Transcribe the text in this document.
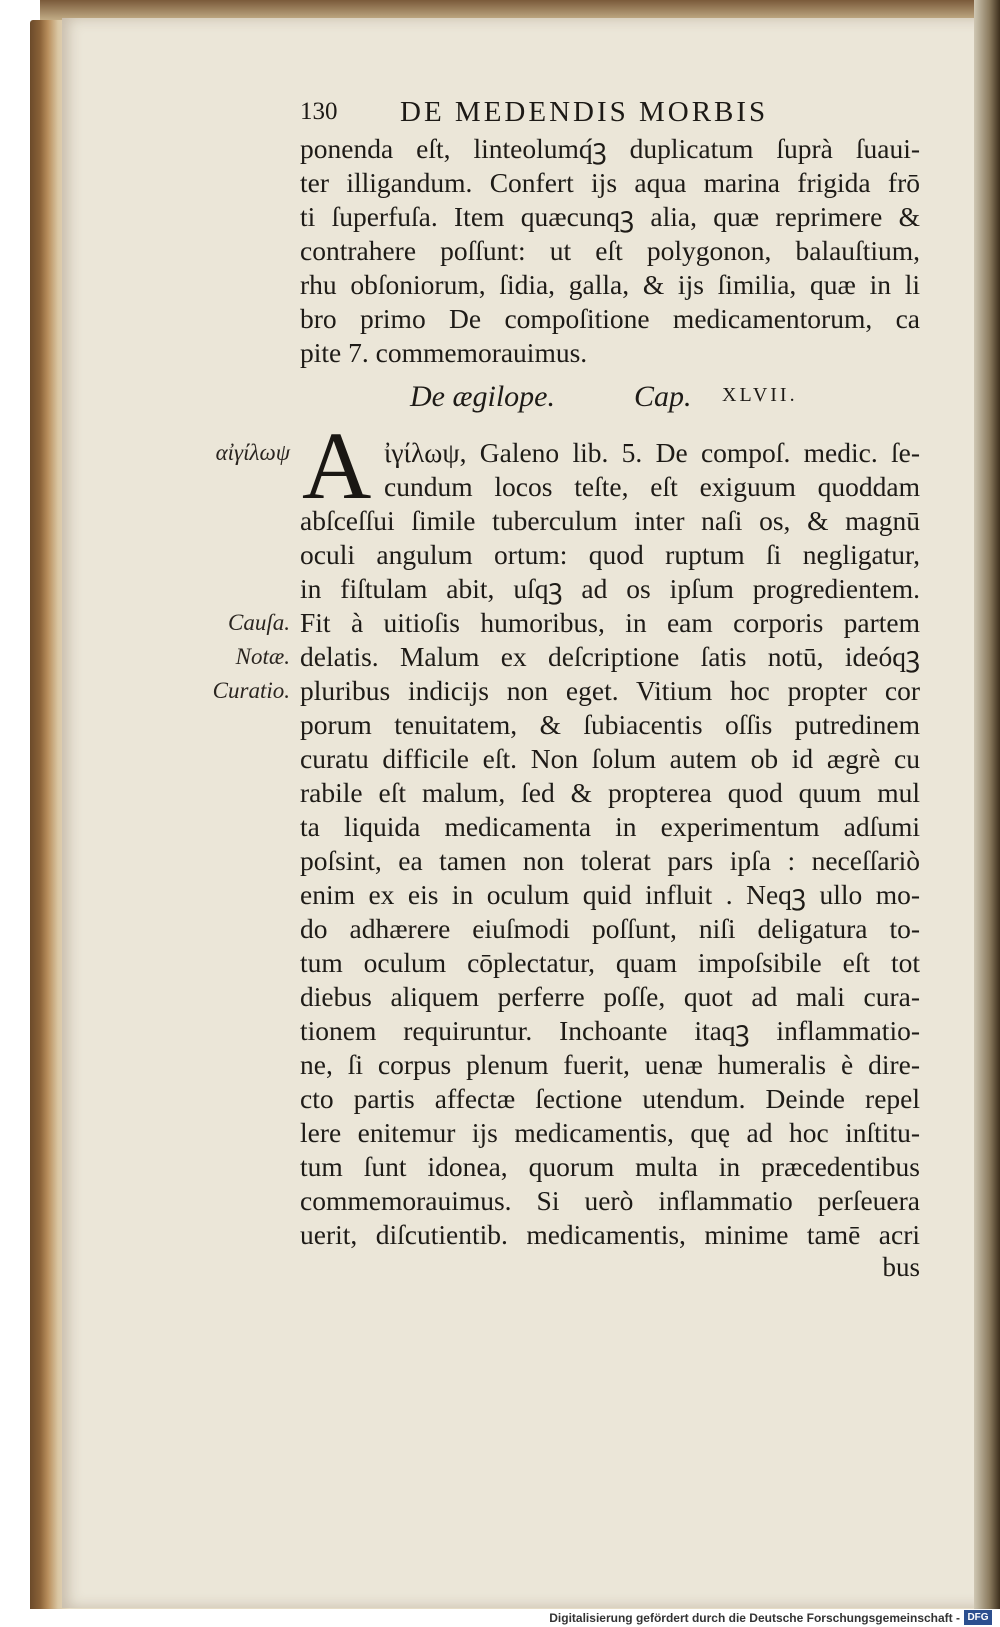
130 DE MEDENDIS MORBIS
ponenda eſt, linteolumq́ꝫ duplicatum ſuprà ſuaui-
ter illigandum. Confert ijs aqua marina frigida frō
ti ſuperfuſa. Item quæcunqꝫ alia, quæ reprimere &
contrahere poſſunt: ut eſt polygonon, balauſtium,
rhu obſoniorum, ſidia, galla, & ijs ſimilia, quæ in li
bro primo De compoſitione medicamentorum, ca
pite 7. commemorauimus.
De ægilope.	Cap. XLVII.
A
αἰγίλωψ
Cauſa.
Notæ.
Curatio.
ἰγίλωψ, Galeno lib. 5. De compoſ. medic. ſe-
cundum locos teſte, eſt exiguum quoddam
abſceſſui ſimile tuberculum inter naſi os, & magnū
oculi angulum ortum: quod ruptum ſi negligatur,
in fiſtulam abit, uſqꝫ ad os ipſum progredientem.
Fit à uitioſis humoribus, in eam corporis partem
delatis. Malum ex deſcriptione ſatis notū, ideóqꝫ
pluribus indicijs non eget. Vitium hoc propter cor
porum tenuitatem, & ſubiacentis oſſis putredinem
curatu difficile eſt. Non ſolum autem ob id ægrè cu
rabile eſt malum, ſed & propterea quod quum mul
ta liquida medicamenta in experimentum adſumi
poſsint, ea tamen non tolerat pars ipſa : neceſſariò
enim ex eis in oculum quid influit . Neqꝫ ullo mo-
do adhærere eiuſmodi poſſunt, niſi deligatura to-
tum oculum cōplectatur, quam impoſsibile eſt tot
diebus aliquem perferre poſſe, quot ad mali cura-
tionem requiruntur. Inchoante itaqꝫ inflammatio-
ne, ſi corpus plenum fuerit, uenæ humeralis è dire-
cto partis affectæ ſectione utendum. Deinde repel
lere enitemur ijs medicamentis, quę ad hoc inſtitu-
tum ſunt idonea, quorum multa in præcedentibus
commemorauimus. Si uerò inflammatio perſeuera
uerit, diſcutientib. medicamentis, minime tamē acri
bus
Digitalisierung gefördert durch die Deutsche Forschungsgemeinschaft - DFG
